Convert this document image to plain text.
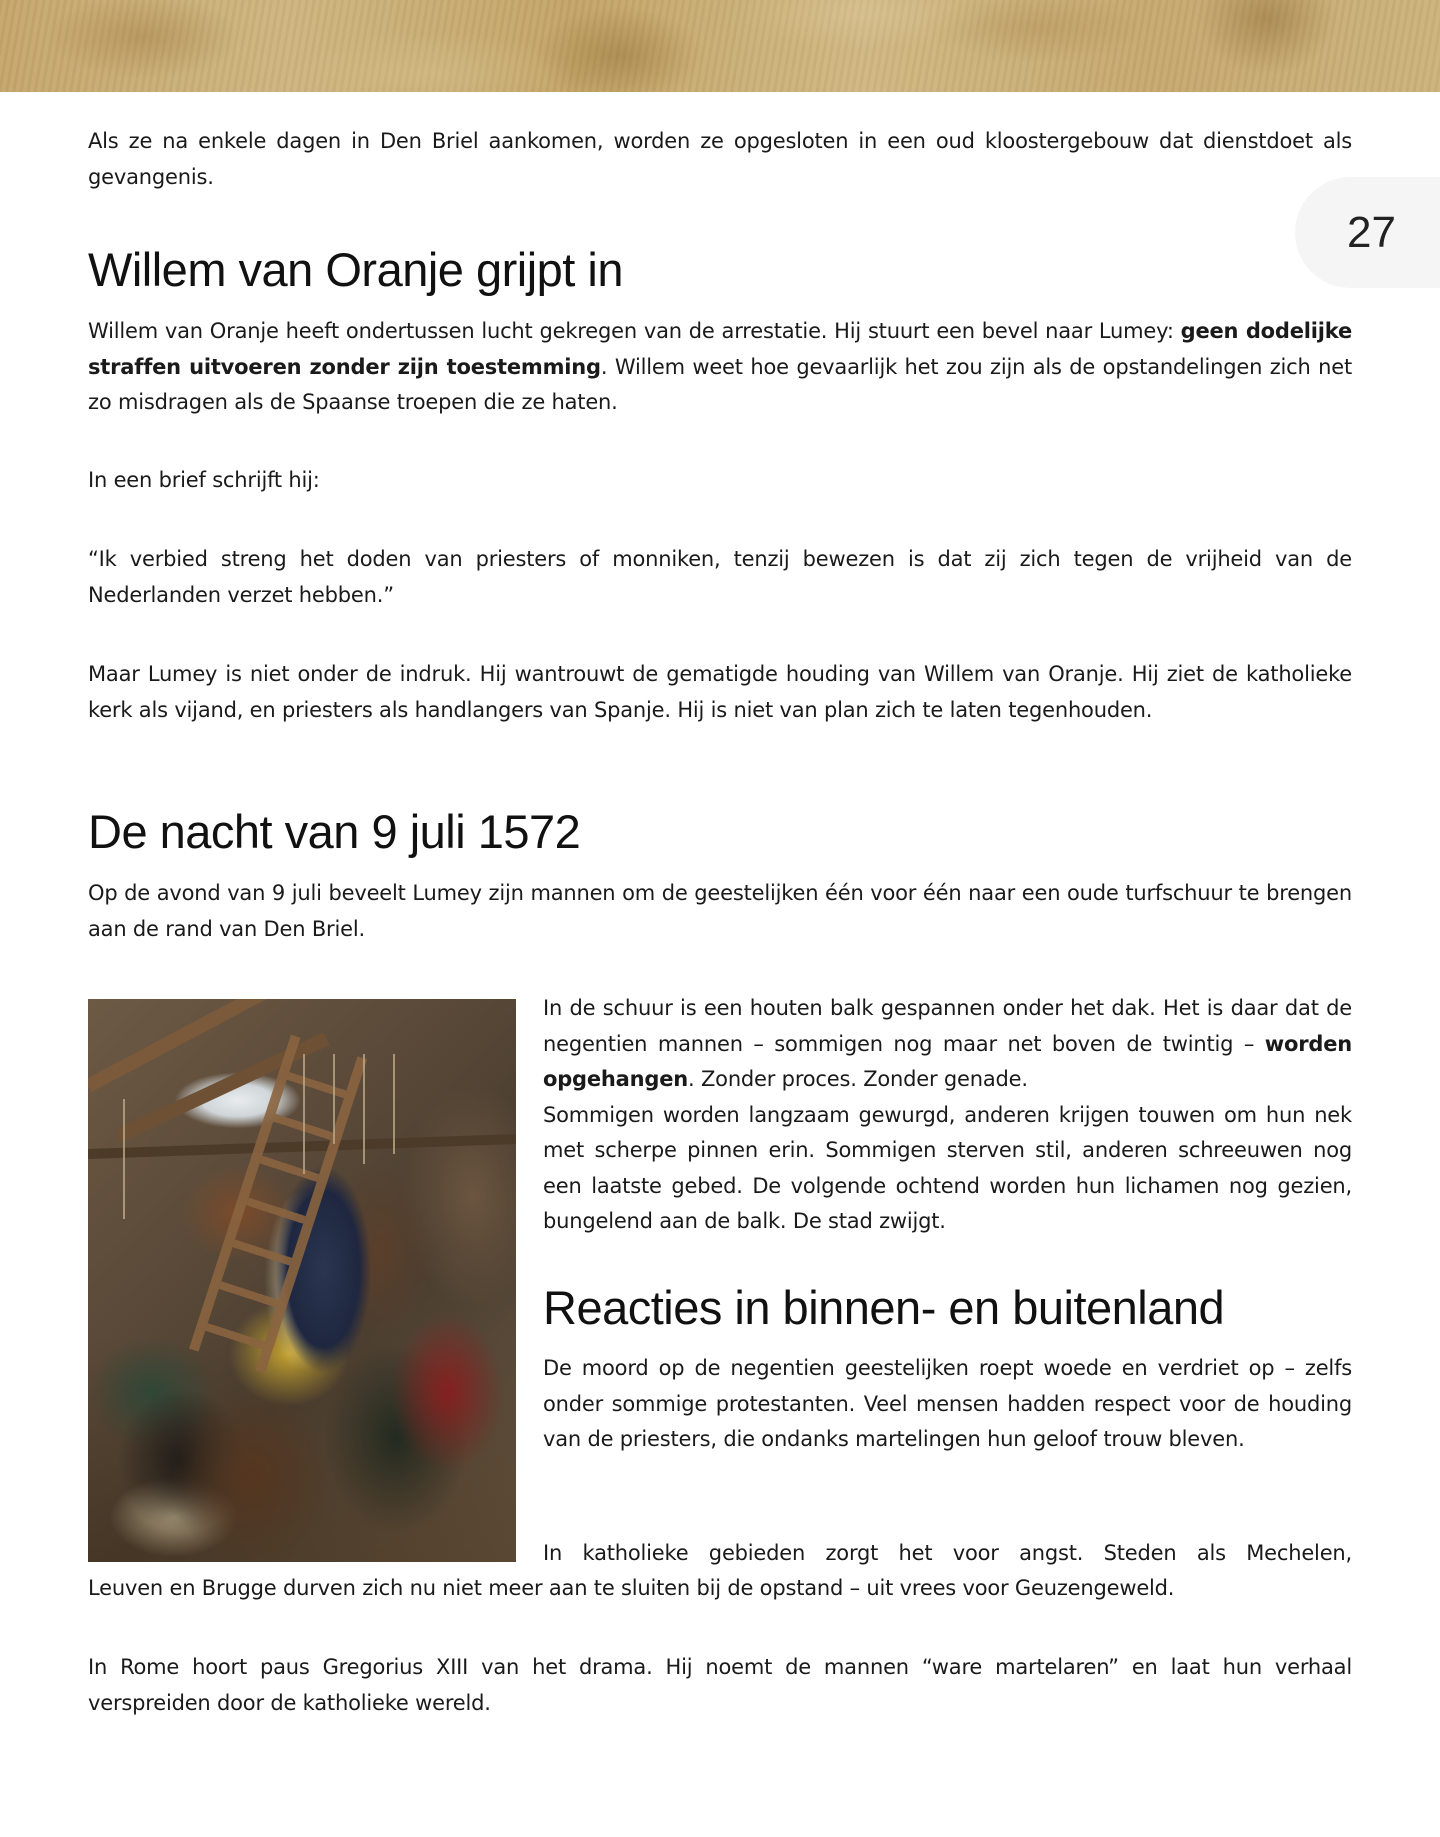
27

Als ze na enkele dagen in Den Briel aankomen, worden ze opgesloten in een oud kloostergebouw dat dienstdoet als gevangenis.

Willem van Oranje grijpt in

Willem van Oranje heeft ondertussen lucht gekregen van de arrestatie. Hij stuurt een bevel naar Lumey: geen dodelijke straffen uitvoeren zonder zijn toestemming. Willem weet hoe gevaarlijk het zou zijn als de opstandelingen zich net zo misdragen als de Spaanse troepen die ze haten.

In een brief schrijft hij:

“Ik verbied streng het doden van priesters of monniken, tenzij bewezen is dat zij zich tegen de vrijheid van de Nederlanden verzet hebben.”

Maar Lumey is niet onder de indruk. Hij wantrouwt de gematigde houding van Willem van Oranje. Hij ziet de katholieke kerk als vijand, en priesters als handlangers van Spanje. Hij is niet van plan zich te laten tegenhouden.

De nacht van 9 juli 1572

Op de avond van 9 juli beveelt Lumey zijn mannen om de geestelijken één voor één naar een oude turfschuur te brengen aan de rand van Den Briel.

In de schuur is een houten balk gespannen onder het dak. Het is daar dat de negentien mannen – sommigen nog maar net boven de twintig – worden opgehangen. Zonder proces. Zonder genade.

Sommigen worden langzaam gewurgd, anderen krijgen touwen om hun nek met scherpe pinnen erin. Sommigen sterven stil, anderen schreeuwen nog een laatste gebed. De volgende ochtend worden hun lichamen nog gezien, bungelend aan de balk. De stad zwijgt.

Reacties in binnen- en buitenland

De moord op de negentien geestelijken roept woede en verdriet op – zelfs onder sommige protestanten. Veel mensen hadden respect voor de houding van de priesters, die ondanks martelingen hun geloof trouw bleven.

In katholieke gebieden zorgt het voor angst. Steden als Mechelen,

Leuven en Brugge durven zich nu niet meer aan te sluiten bij de opstand – uit vrees voor Geuzengeweld.

In Rome hoort paus Gregorius XIII van het drama. Hij noemt de mannen “ware martelaren” en laat hun verhaal verspreiden door de katholieke wereld.
